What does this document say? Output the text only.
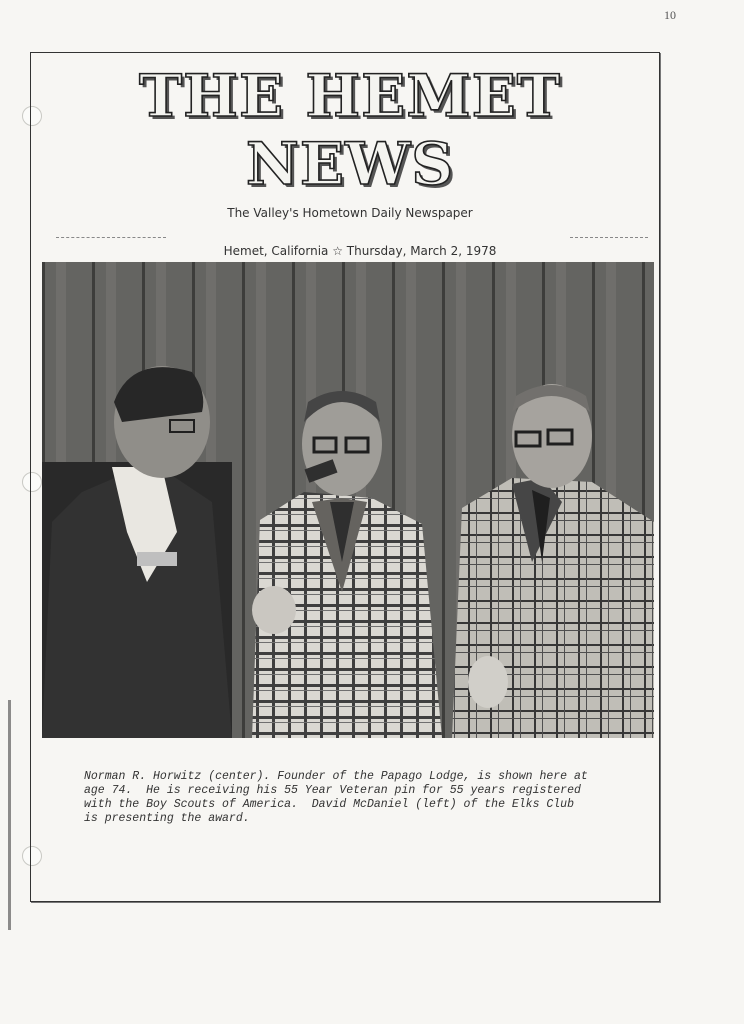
10
THE HEMET
NEWS
The Valley's Hometown Daily Newspaper
Hemet, California ☆ Thursday, March 2, 1978
Norman R. Horwitz (center). Founder of the Papago Lodge, is shown here at
age 74.  He is receiving his 55 Year Veteran pin for 55 years registered
with the Boy Scouts of America.  David McDaniel (left) of the Elks Club
is presenting the award.
